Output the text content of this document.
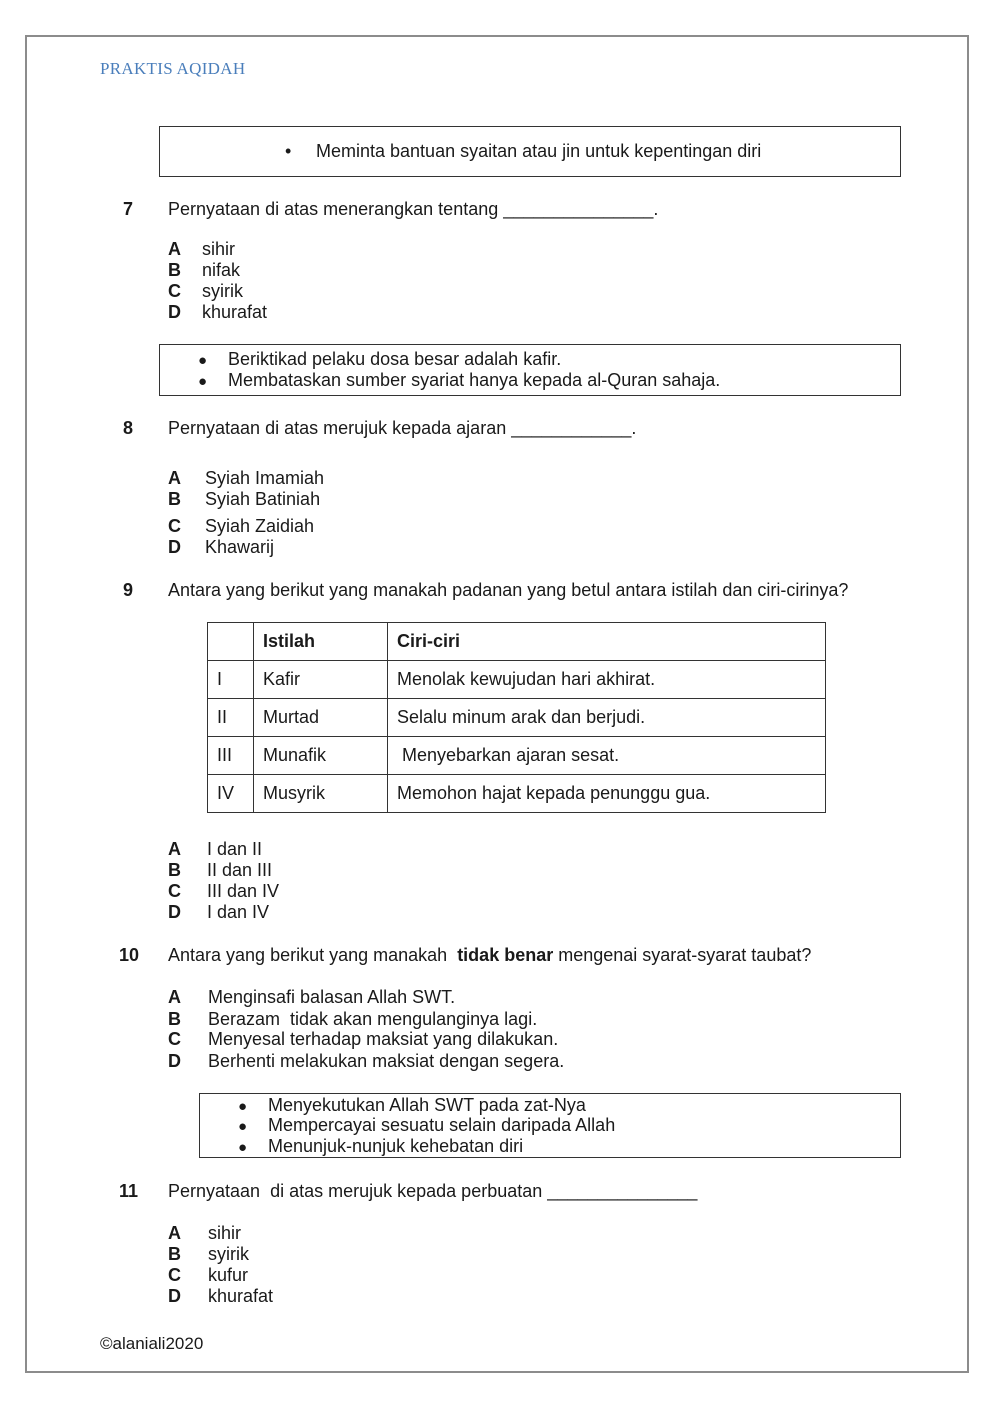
PRAKTIS AQIDAH
• Meminta bantuan syaitan atau jin untuk kepentingan diri
7 Pernyataan di atas menerangkan tentang _______________.
A sihir
B nifak
C syirik
D khurafat
● Beriktikad pelaku dosa besar adalah kafir.
● Membataskan sumber syariat hanya kepada al-Quran sahaja.
8 Pernyataan di atas merujuk kepada ajaran ____________.
A Syiah Imamiah
B Syiah Batiniah
C Syiah Zaidiah
D Khawarij
9 Antara yang berikut yang manakah padanan yang betul antara istilah dan ciri-cirinya?
	Istilah	Ciri-ciri
I	Kafir	Menolak kewujudan hari akhirat.
II	Murtad	Selalu minum arak dan berjudi.
III	Munafik	Menyebarkan ajaran sesat.
IV	Musyrik	Memohon hajat kepada penunggu gua.
A I dan II
B II dan III
C III dan IV
D I dan IV
10 Antara yang berikut yang manakah  tidak benar mengenai syarat-syarat taubat?
A Menginsafi balasan Allah SWT.
B Berazam  tidak akan mengulanginya lagi.
C Menyesal terhadap maksiat yang dilakukan.
D Berhenti melakukan maksiat dengan segera.
● Menyekutukan Allah SWT pada zat-Nya
● Mempercayai sesuatu selain daripada Allah
● Menunjuk-nunjuk kehebatan diri
11 Pernyataan  di atas merujuk kepada perbuatan _______________
A sihir
B syirik
C kufur
D khurafat
©alaniali2020
